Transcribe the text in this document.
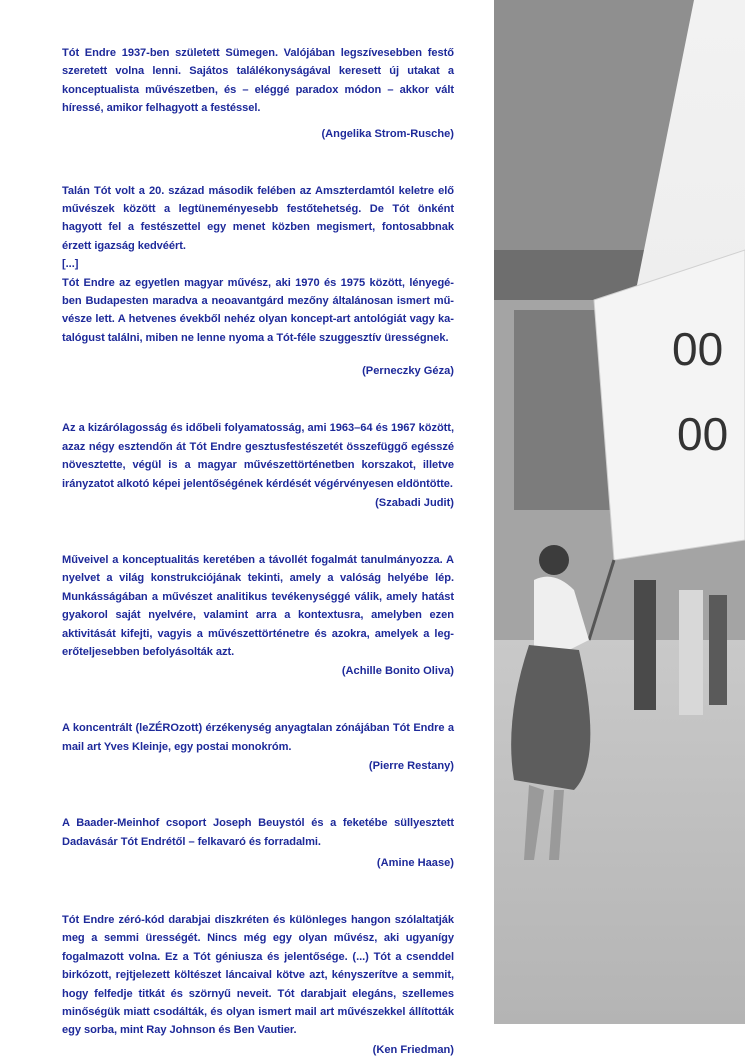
Tót Endre 1937-ben született Sümegen. Valójában legszívesebben festő szeretett volna lenni. Sajátos találékonyságával keresett új utakat a konceptualista művészetben, és – eléggé paradox módon – akkor vált híressé, amikor felhagyott a festéssel.

(Angelika Strom-Rusche)

Talán Tót volt a 20. század második felében az Amszterdamtól keletre elő művészek között a legtüneményesebb festőtehetség. De Tót önként hagyott fel a festészettel egy menet közben megismert, fontosabbnak érzett igazság kedvéért.

[...]

Tót Endre az egyetlen magyar művész, aki 1970 és 1975 között, lényegében Budapesten maradva a neoavantgárd mezőny általánosan ismert művésze lett. A hetvenes évekből nehéz olyan koncept-art antológiát vagy katalógust találni, miben ne lenne nyoma a Tót-féle szuggesztív ürességnek.

(Perneczky Géza)

Az a kizárólagosság és időbeli folyamatosság, ami 1963–64 és 1967 között, azaz négy esztendőn át Tót Endre gesztusfestészetét összefüggő egésszé növesztette, végül is a magyar művészettörténetben korszakot, illetve irányzatot alkotó képei jelentőségének kérdését végérvényesen eldöntötte.

(Szabadi Judit)

Műveivel a konceptualitás keretében a távollét fogalmát tanulmányozza. A nyelvet a világ konstrukciójának tekinti, amely a valóság helyébe lép. Munkásságában a művészet analitikus tevékenységgé válik, amely hatást gyakorol saját nyelvére, valamint arra a kontextusra, amelyben ezen aktivitását kifejti, vagyis a művészettörténetre és azokra, amelyek a legerőteljesebben befolyásolták azt.

(Achille Bonito Oliva)

A koncentrált (leZÉROzott) érzékenység anyagtalan zónájában Tót Endre a mail art Yves Kleinje, egy postai monokróm.

(Pierre Restany)

A Baader-Meinhof csoport Joseph Beuystól és a feketébe süllyesztett Dadavásár Tót Endrétől – felkavaró és forradalmi.

(Amine Haase)

Tót Endre zéró-kód darabjai diszkréten és különleges hangon szólaltatják meg a semmi ürességét. Nincs még egy olyan művész, aki ugyanígy fogalmazott volna. Ez a Tót géniusza és jelentősége. (...) Tót a csenddel birkózott, rejtjelezett költészet láncaival kötve azt, kényszerítve a semmit, hogy felfedje titkát és szörnyű neveit. Tót darabjait elegáns, szellemes minőségük miatt csodálták, és olyan ismert mail art művészekkel állították egy sorba, mint Ray Johnson és Ben Vautier.

(Ken Friedman)
00
00
